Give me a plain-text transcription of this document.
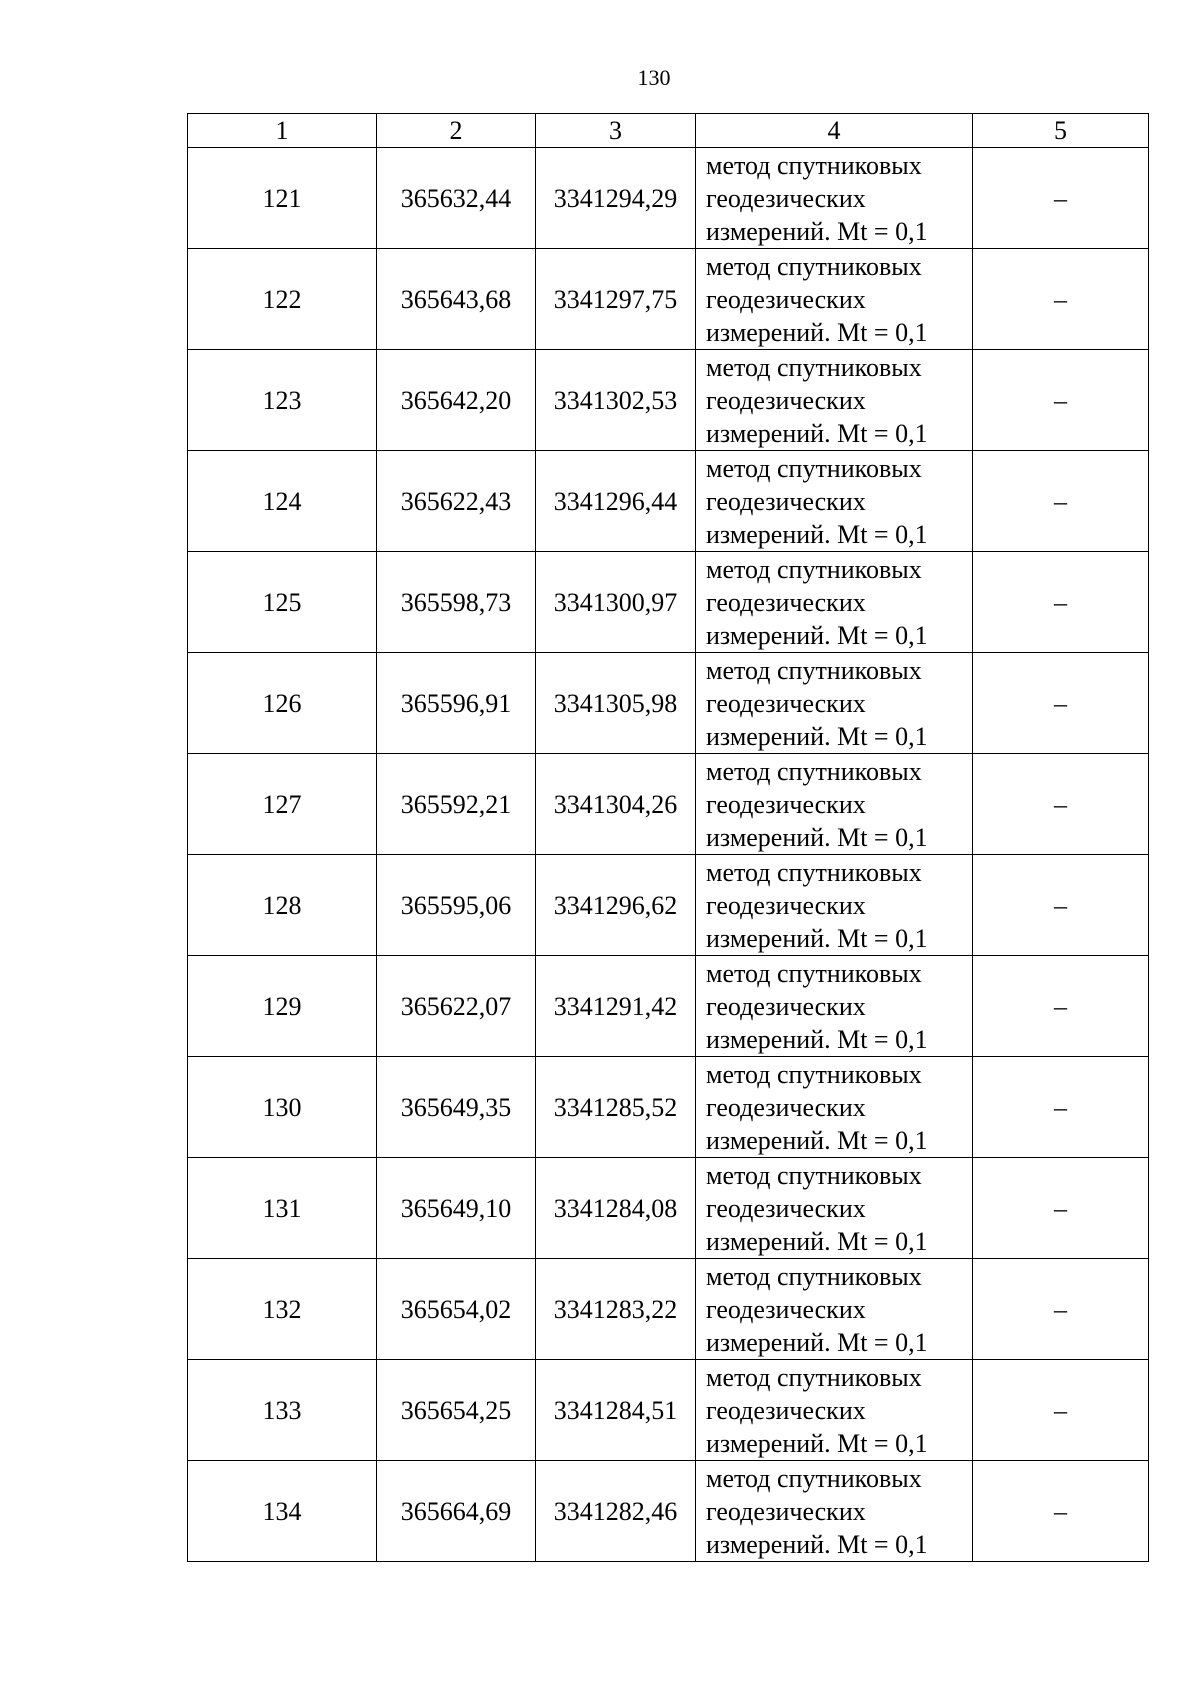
130
1	2	3	4	5
121	365632,44	3341294,29	метод спутниковых
геодезических
измерений. Mt = 0,1	–
122	365643,68	3341297,75	метод спутниковых
геодезических
измерений. Mt = 0,1	–
123	365642,20	3341302,53	метод спутниковых
геодезических
измерений. Mt = 0,1	–
124	365622,43	3341296,44	метод спутниковых
геодезических
измерений. Mt = 0,1	–
125	365598,73	3341300,97	метод спутниковых
геодезических
измерений. Mt = 0,1	–
126	365596,91	3341305,98	метод спутниковых
геодезических
измерений. Mt = 0,1	–
127	365592,21	3341304,26	метод спутниковых
геодезических
измерений. Mt = 0,1	–
128	365595,06	3341296,62	метод спутниковых
геодезических
измерений. Mt = 0,1	–
129	365622,07	3341291,42	метод спутниковых
геодезических
измерений. Mt = 0,1	–
130	365649,35	3341285,52	метод спутниковых
геодезических
измерений. Mt = 0,1	–
131	365649,10	3341284,08	метод спутниковых
геодезических
измерений. Mt = 0,1	–
132	365654,02	3341283,22	метод спутниковых
геодезических
измерений. Mt = 0,1	–
133	365654,25	3341284,51	метод спутниковых
геодезических
измерений. Mt = 0,1	–
134	365664,69	3341282,46	метод спутниковых
геодезических
измерений. Mt = 0,1	–
